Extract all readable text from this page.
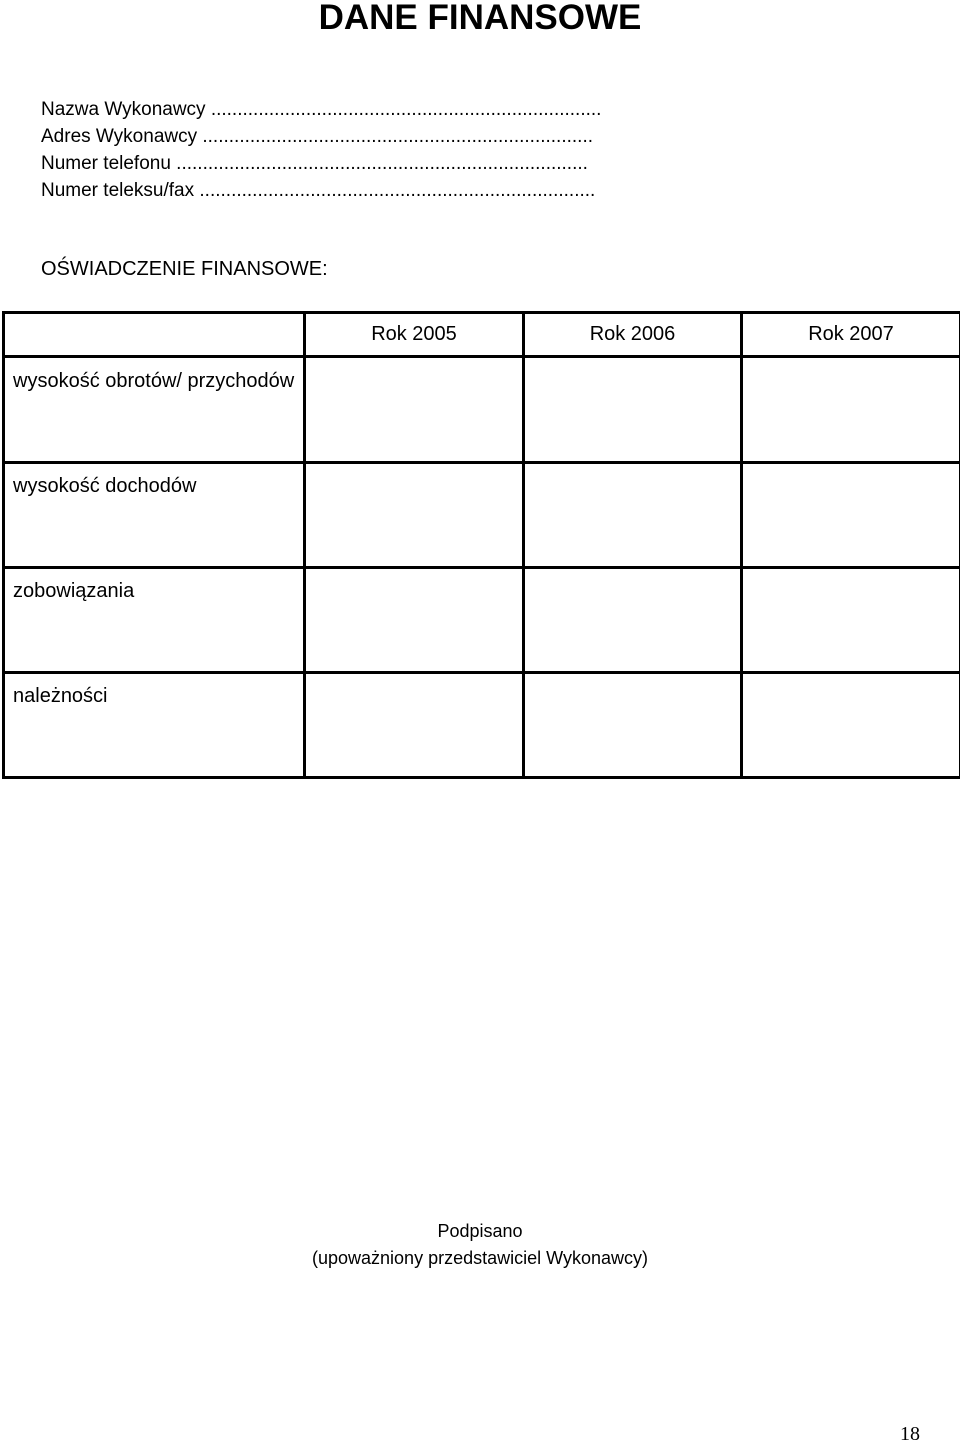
DANE FINANSOWE
Nazwa Wykonawcy ..........................................................................
Adres Wykonawcy ..........................................................................
Numer telefonu ..............................................................................
Numer teleksu/fax ...........................................................................
OŚWIADCZENIE FINANSOWE:
	Rok 2005	Rok 2006	Rok 2007
wysokość obrotów/ przychodów			
wysokość dochodów			
zobowiązania			
należności			
Podpisano
(upoważniony przedstawiciel Wykonawcy)
18
